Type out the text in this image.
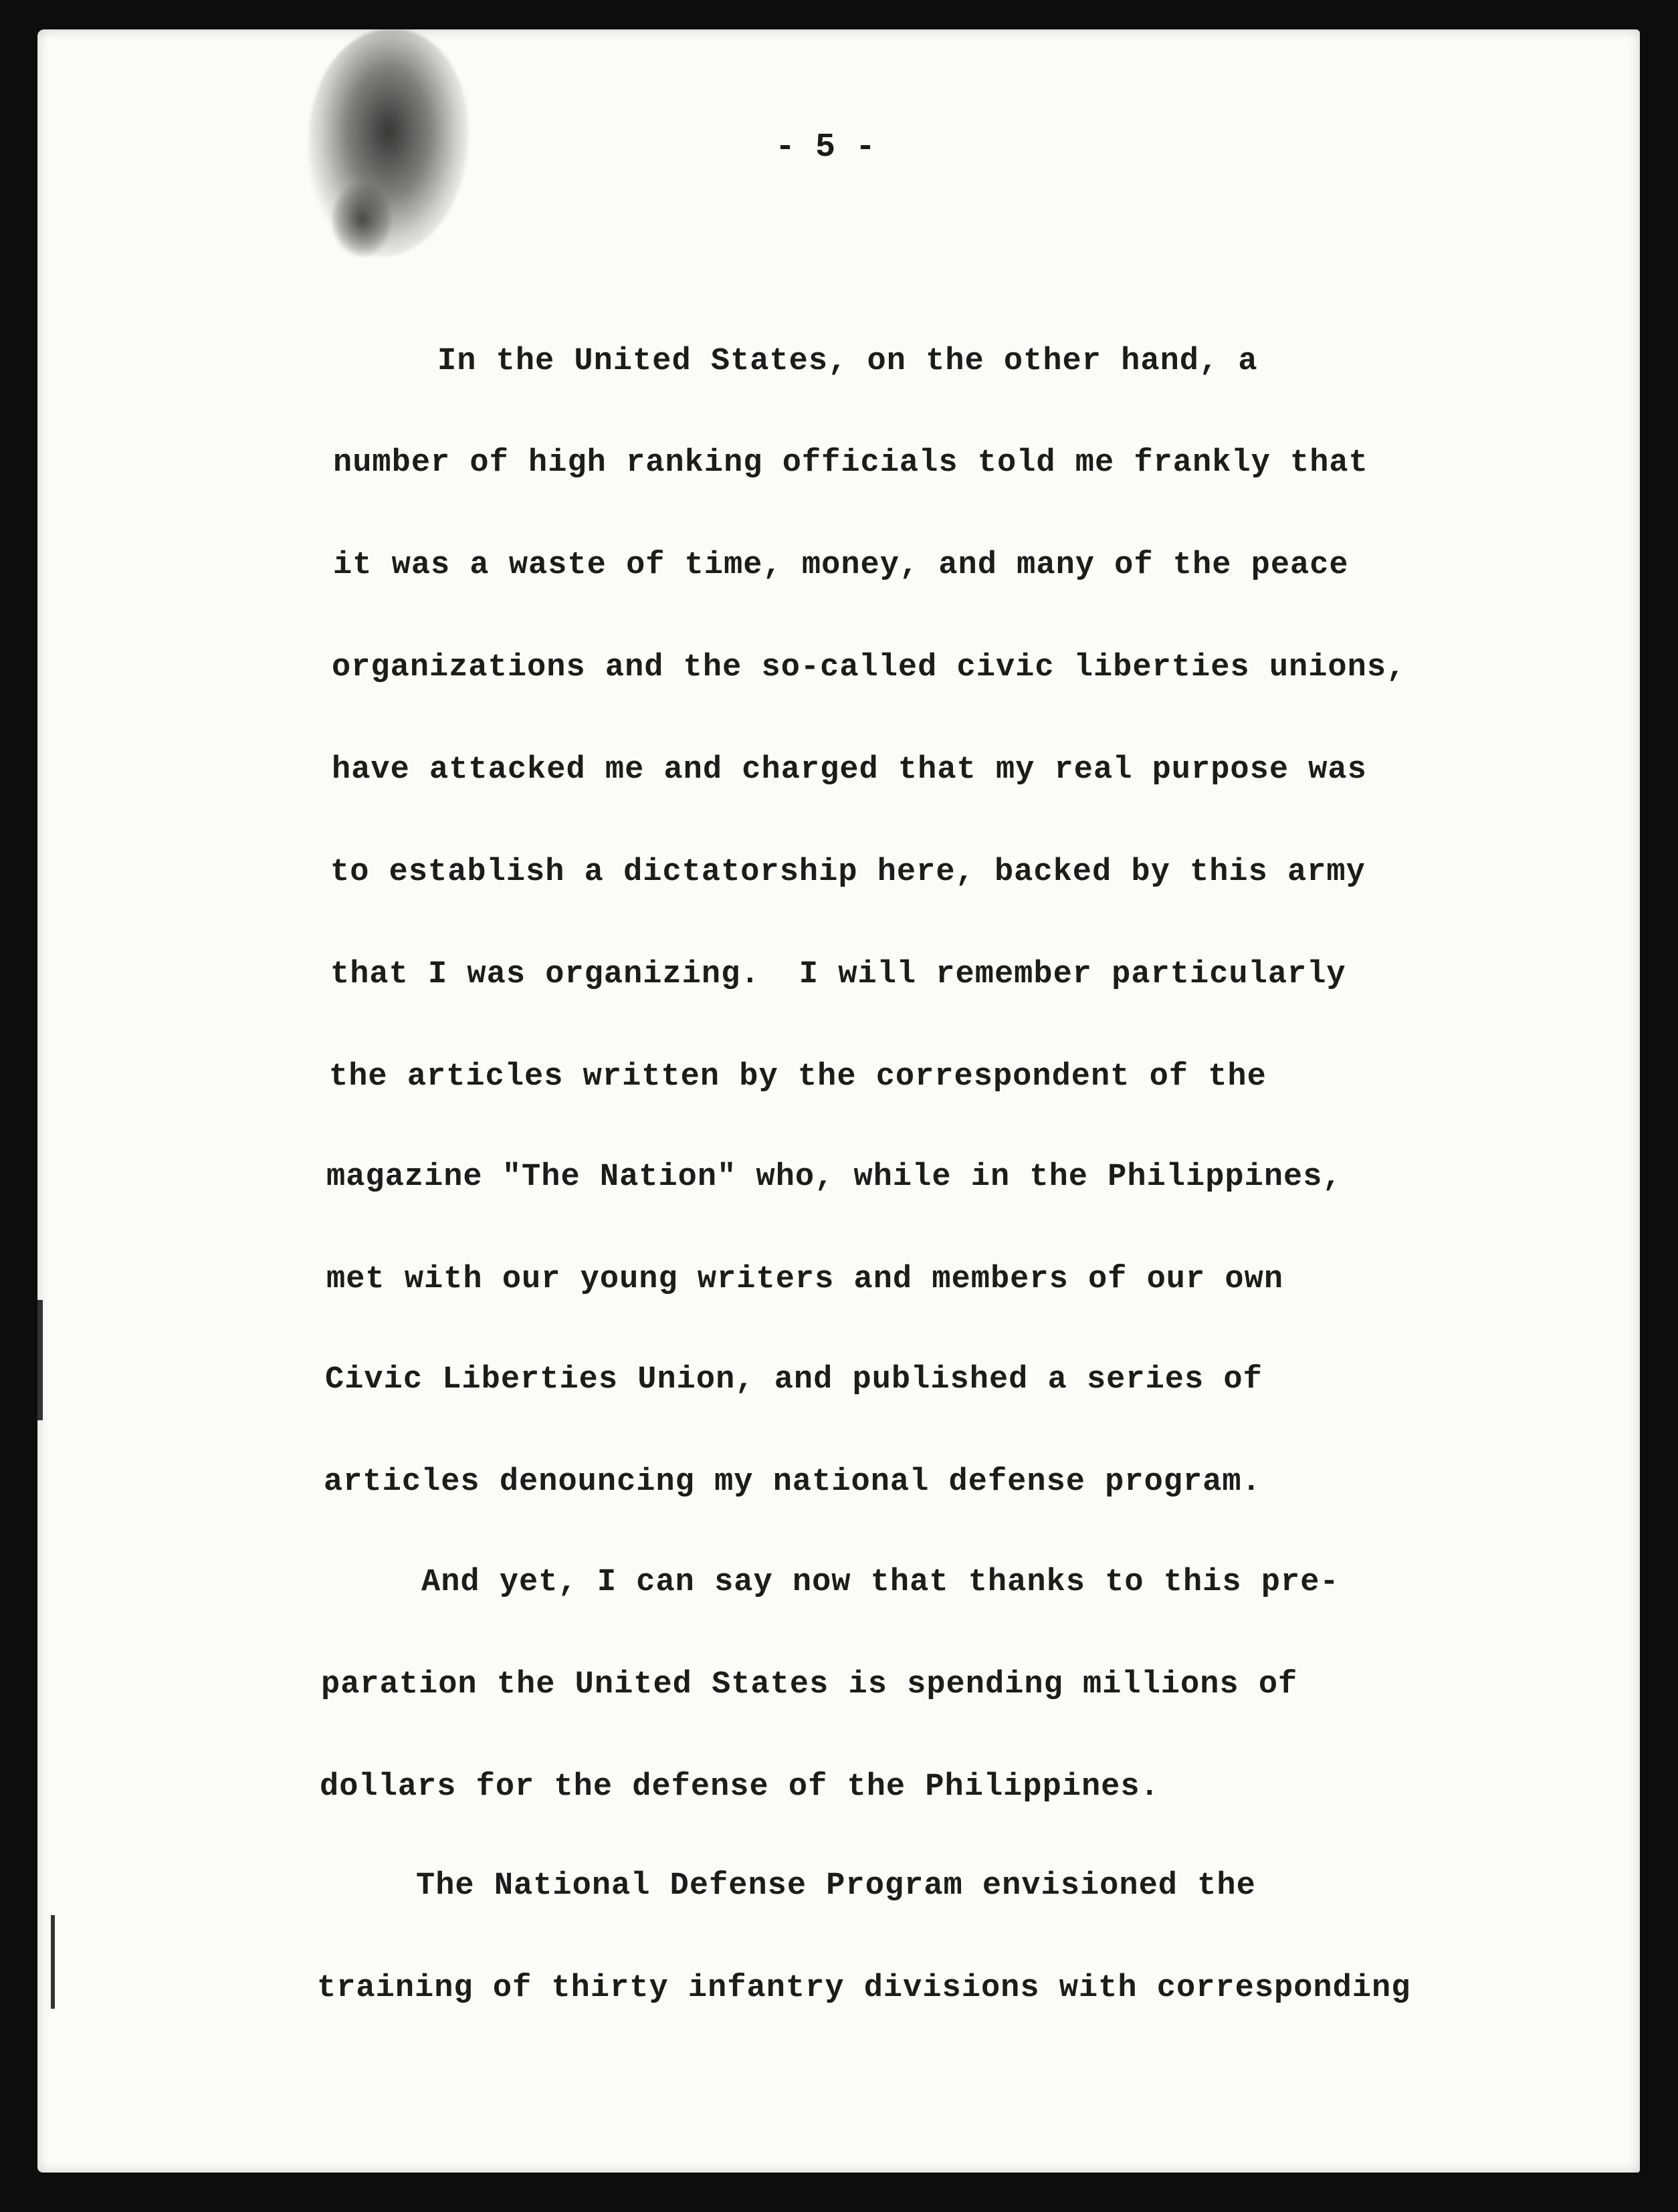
- 5 -
In the United States, on the other hand, a
number of high ranking officials told me frankly that
it was a waste of time, money, and many of the peace
organizations and the so-called civic liberties unions,
have attacked me and charged that my real purpose was
to establish a dictatorship here, backed by this army
that I was organizing.  I will remember particularly
the articles written by the correspondent of the
magazine "The Nation" who, while in the Philippines,
met with our young writers and members of our own
Civic Liberties Union, and published a series of
articles denouncing my national defense program.
And yet, I can say now that thanks to this pre-
paration the United States is spending millions of
dollars for the defense of the Philippines.
The National Defense Program envisioned the
training of thirty infantry divisions with corresponding
